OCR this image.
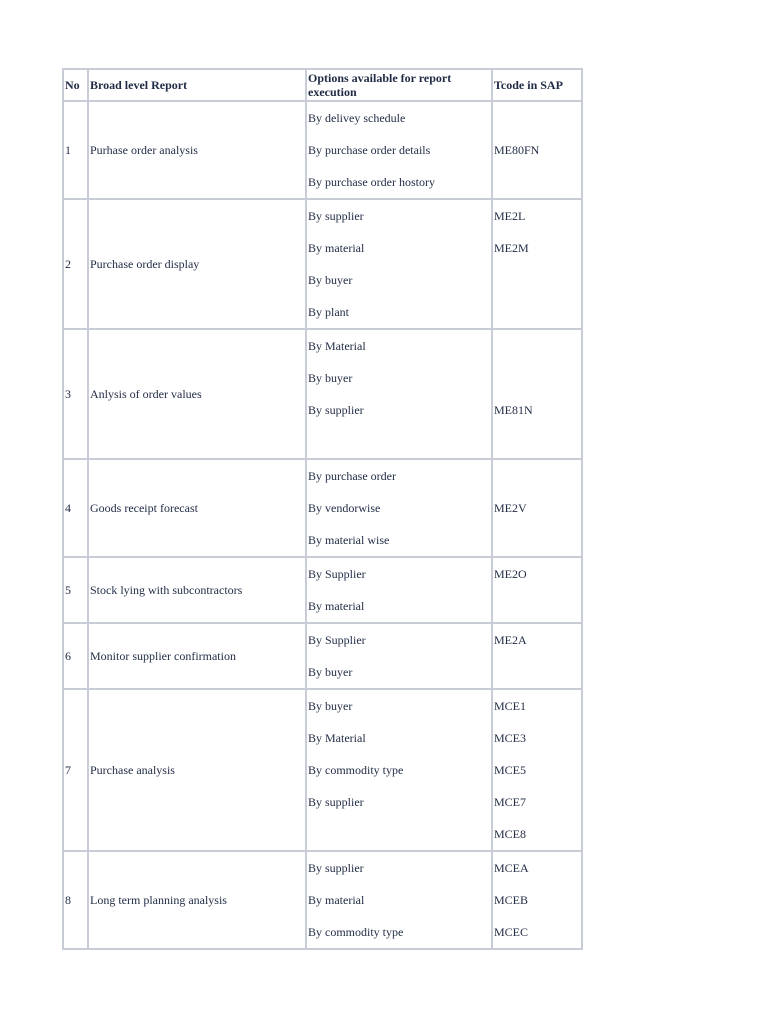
No	Broad level Report	Options available for report execution	Tcode in SAP
1	Purhase order analysis	By delivey schedule
By purchase order details
By purchase order hostory	ME80FN

2	Purchase order display	By supplier
By material
By buyer
By plant	ME2L
ME2M

3	Anlysis of order values	By Material
By buyer
By supplier	ME81N

4	Goods receipt forecast	By purchase order
By vendorwise
By material wise	ME2V

5	Stock lying with subcontractors	By Supplier
By material	ME2O

6	Monitor supplier confirmation	By Supplier
By buyer	ME2A

7	Purchase analysis	By buyer
By Material
By commodity type
By supplier	MCE1
MCE3
MCE5
MCE7
MCE8

8	Long term planning analysis	By supplier
By material
By commodity type	MCEA
MCEB
MCEC
